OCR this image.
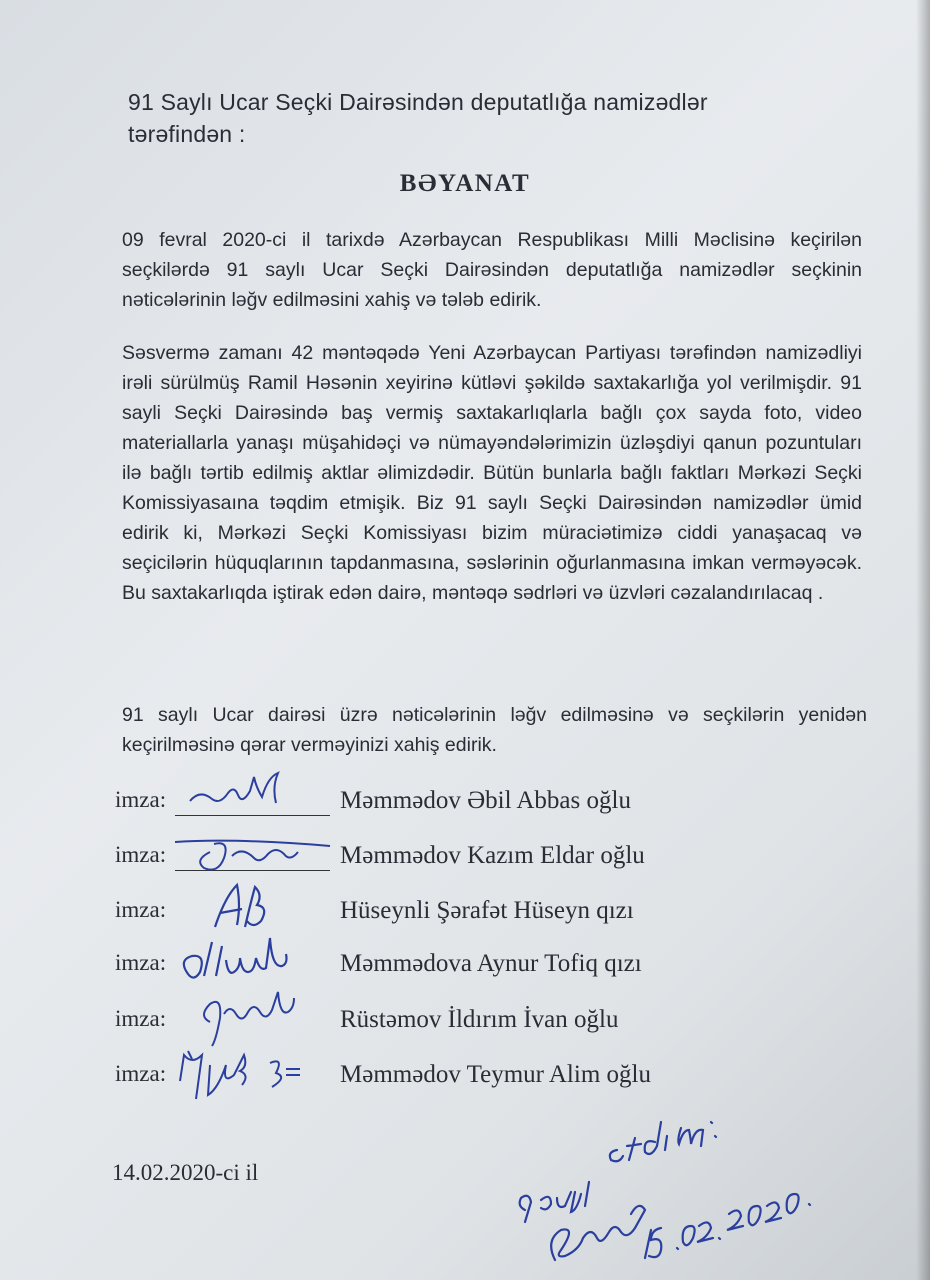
91 Saylı Ucar Seçki Dairəsindən deputatlığa namizədlər tərəfindən :
BƏYANAT
09 fevral 2020-ci il tarixdə Azərbaycan Respublikası Milli Məclisinə keçirilən seçkilərdə 91 saylı Ucar Seçki Dairəsindən deputatlığa namizədlər seçkinin nəticələrinin ləğv edilməsini xahiş və tələb edirik.
Səsvermə zamanı 42 məntəqədə Yeni Azərbaycan Partiyası tərəfindən namizədliyi irəli sürülmüş Ramil Həsənin xeyirinə kütləvi şəkildə saxtakarlığa yol verilmişdir. 91 sayli Seçki Dairəsində baş vermiş saxtakarlıqlarla bağlı çox sayda foto, video materiallarla yanaşı müşahidəçi və nümayəndələrimizin üzləşdiyi qanun pozuntuları ilə bağlı tərtib edilmiş aktlar əlimizdədir. Bütün bunlarla bağlı faktları Mərkəzi Seçki Komissiyasaına təqdim etmişik. Biz 91 saylı Seçki Dairəsindən namizədlər ümid edirik ki, Mərkəzi Seçki Komissiyası bizim müraciətimizə ciddi yanaşacaq və seçicilərin hüquqlarının tapdanmasına, səslərinin oğurlanmasına imkan verməyəcək. Bu saxtakarlıqda iştirak edən dairə, məntəqə sədrləri və üzvləri cəzalandırılacaq .
91 saylı Ucar dairəsi üzrə nəticələrinin ləğv edilməsinə və seçkilərin yenidən keçirilməsinə qərar verməyinizi xahiş edirik.
imza:	Məmmədov Əbil Abbas oğlu
imza:	Məmmədov Kazım Eldar oğlu
imza:	Hüseynli Şərafət Hüseyn qızı
imza:	Məmmədova Aynur Tofiq qızı
imza:	Rüstəmov İldırım İvan oğlu
imza:	Məmmədov Teymur Alim oğlu
14.02.2020-ci il
